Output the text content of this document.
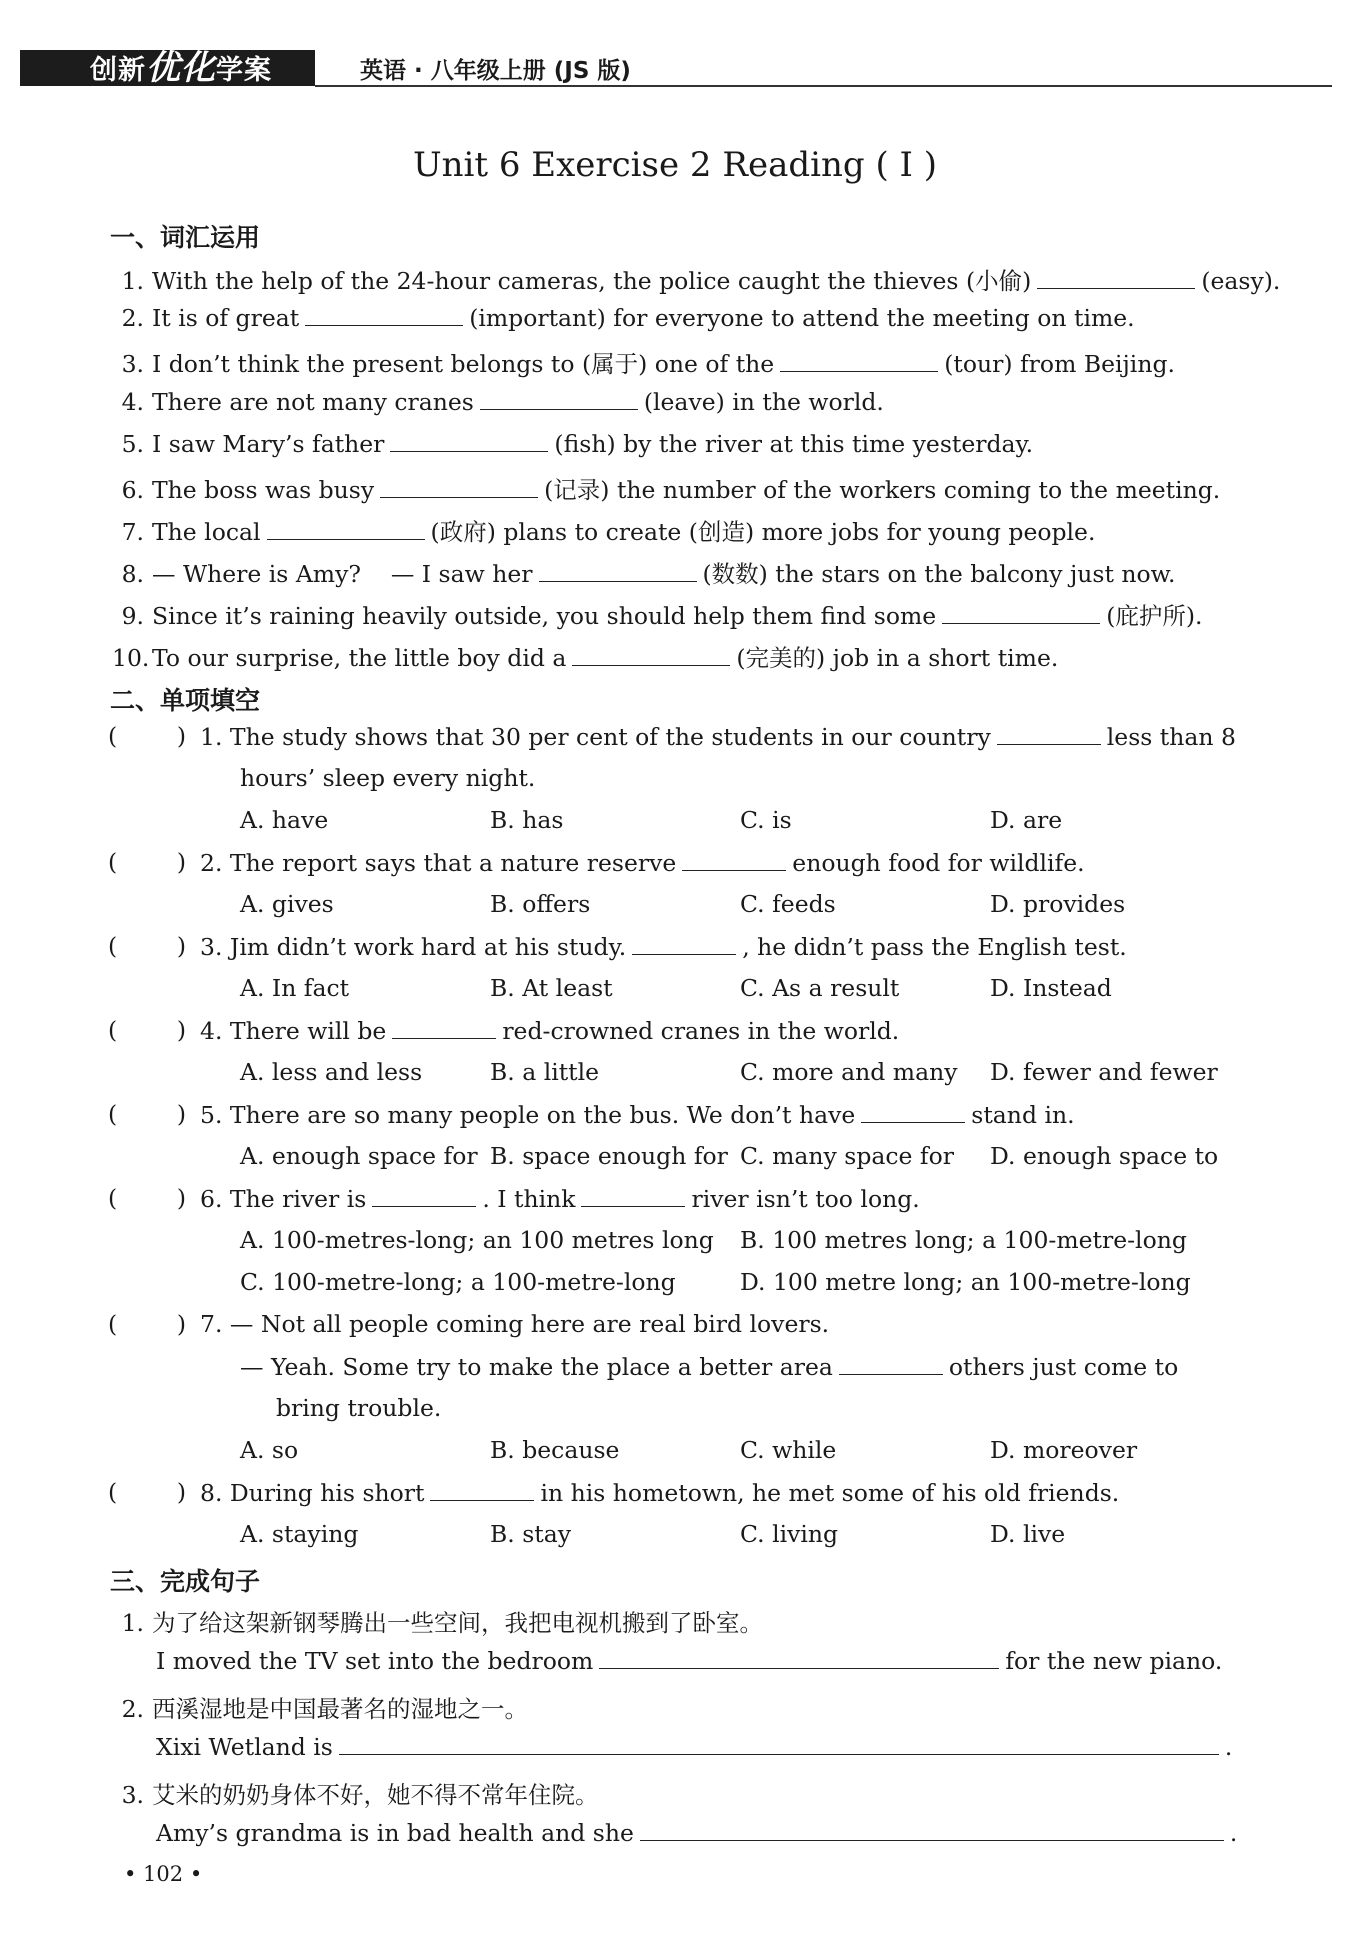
创新优化学案	英语 · 八年级上册 (JS 版)
Unit 6 Exercise 2 Reading ( Ⅰ )
一、词汇运用
1. With the help of the 24-hour cameras, the police caught the thieves (小偷)	(easy).
2. It is of great	(important) for everyone to attend the meeting on time.
3. I don’t think the present belongs to (属于) one of the	(tour) from Beijing.
4. There are not many cranes	(leave) in the world.
5. I saw Mary’s father	(fish) by the river at this time yesterday.
6. The boss was busy	(记录) the number of the workers coming to the meeting.
7. The local	(政府) plans to create (创造) more jobs for young people.
8. — Where is Amy?    — I saw her	(数数) the stars on the balcony just now.
9. Since it’s raining heavily outside, you should help them find some	(庇护所).
10. To our surprise, the little boy did a	(完美的) job in a short time.
二、单项填空
(        ) 1. The study shows that 30 per cent of the students in our country	less than 8
hours’ sleep every night.
A. have	B. has	C. is	D. are
(        ) 2. The report says that a nature reserve	enough food for wildlife.
A. gives	B. offers	C. feeds	D. provides
(        ) 3. Jim didn’t work hard at his study.	, he didn’t pass the English test.
A. In fact	B. At least	C. As a result	D. Instead
(        ) 4. There will be	red-crowned cranes in the world.
A. less and less	B. a little	C. more and many D. fewer and fewer
(        ) 5. There are so many people on the bus. We don’t have	stand in.
A. enough space for B. space enough for C. many space for D. enough space to
(        ) 6. The river is	. I think	river isn’t too long.
A. 100-metres-long; an 100 metres long B. 100 metres long; a 100-metre-long
C. 100-metre-long; a 100-metre-long	D. 100 metre long; an 100-metre-long
(        ) 7. — Not all people coming here are real bird lovers.
— Yeah. Some try to make the place a better area	others just come to
bring trouble.
A. so	B. because	C. while	D. moreover
(        ) 8. During his short	in his hometown, he met some of his old friends.
A. staying	B. stay	C. living	D. live
三、完成句子
1. 为了给这架新钢琴腾出一些空间，我把电视机搬到了卧室。
I moved the TV set into the bedroom	for the new piano.
2. 西溪湿地是中国最著名的湿地之一。
Xixi Wetland is	.
3. 艾米的奶奶身体不好，她不得不常年住院。
Amy’s grandma is in bad health and she	.
• 102 •
